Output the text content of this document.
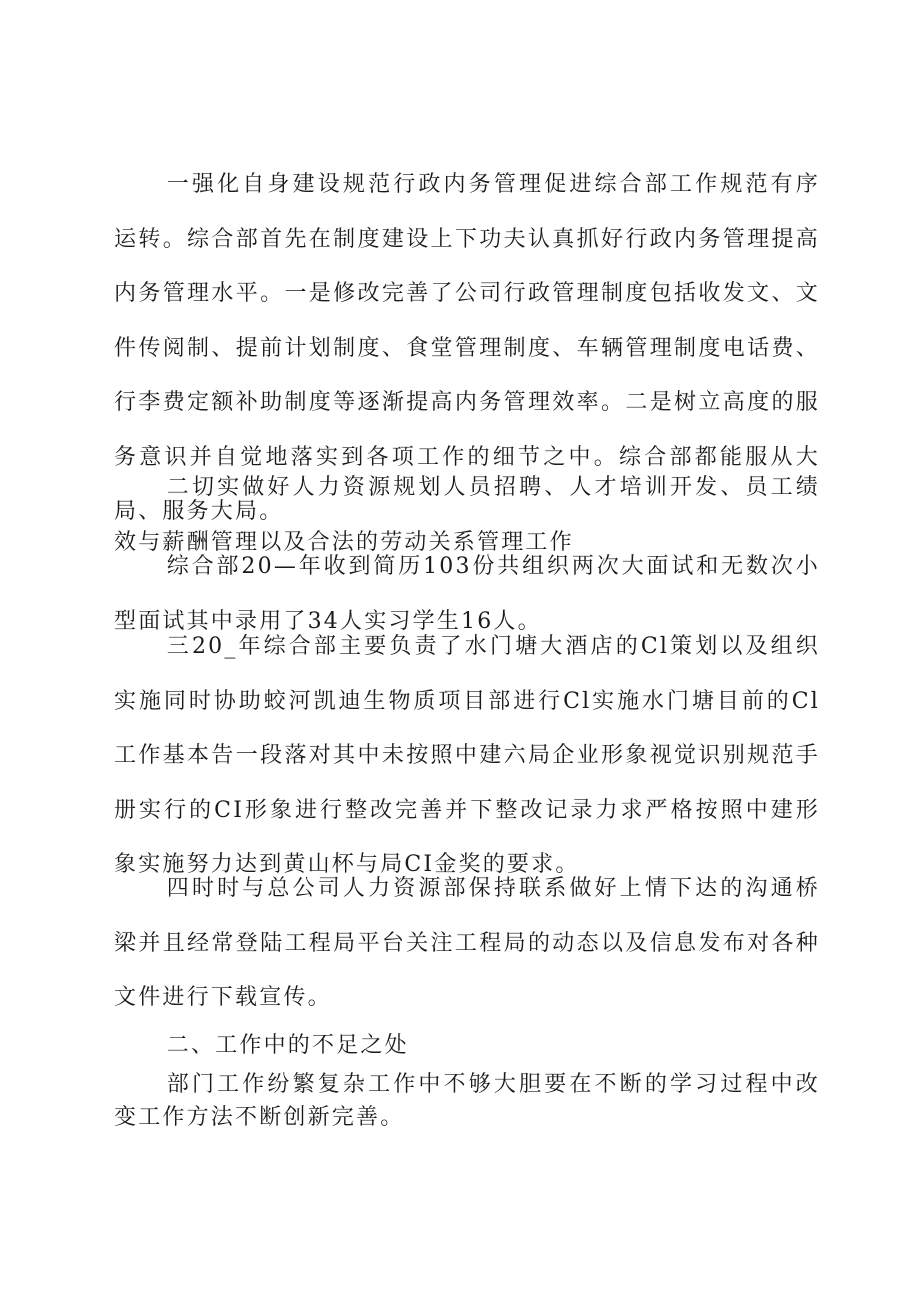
一强化自身建设规范行政内务管理促进综合部工作规范有序运转。综合部首先在制度建设上下功夫认真抓好行政内务管理提高内务管理水平。一是修改完善了公司行政管理制度包括收发文、文件传阅制、提前计划制度、食堂管理制度、车辆管理制度电话费、行李费定额补助制度等逐渐提高内务管理效率。二是树立高度的服务意识并自觉地落实到各项工作的细节之中。综合部都能服从大局、服务大局。

二切实做好人力资源规划人员招聘、人才培训开发、员工绩效与薪酬管理以及合法的劳动关系管理工作

综合部20—年收到简历103份共组织两次大面试和无数次小型面试其中录用了34人实习学生16人。

三20_年综合部主要负责了水门塘大酒店的Cl策划以及组织实施同时协助蛟河凯迪生物质项目部进行Cl实施水门塘目前的Cl工作基本告一段落对其中未按照中建六局企业形象视觉识别规范手册实行的CI形象进行整改完善并下整改记录力求严格按照中建形象实施努力达到黄山杯与局CI金奖的要求。

四时时与总公司人力资源部保持联系做好上情下达的沟通桥梁并且经常登陆工程局平台关注工程局的动态以及信息发布对各种文件进行下载宣传。

二、工作中的不足之处

部门工作纷繁复杂工作中不够大胆要在不断的学习过程中改变工作方法不断创新完善。
